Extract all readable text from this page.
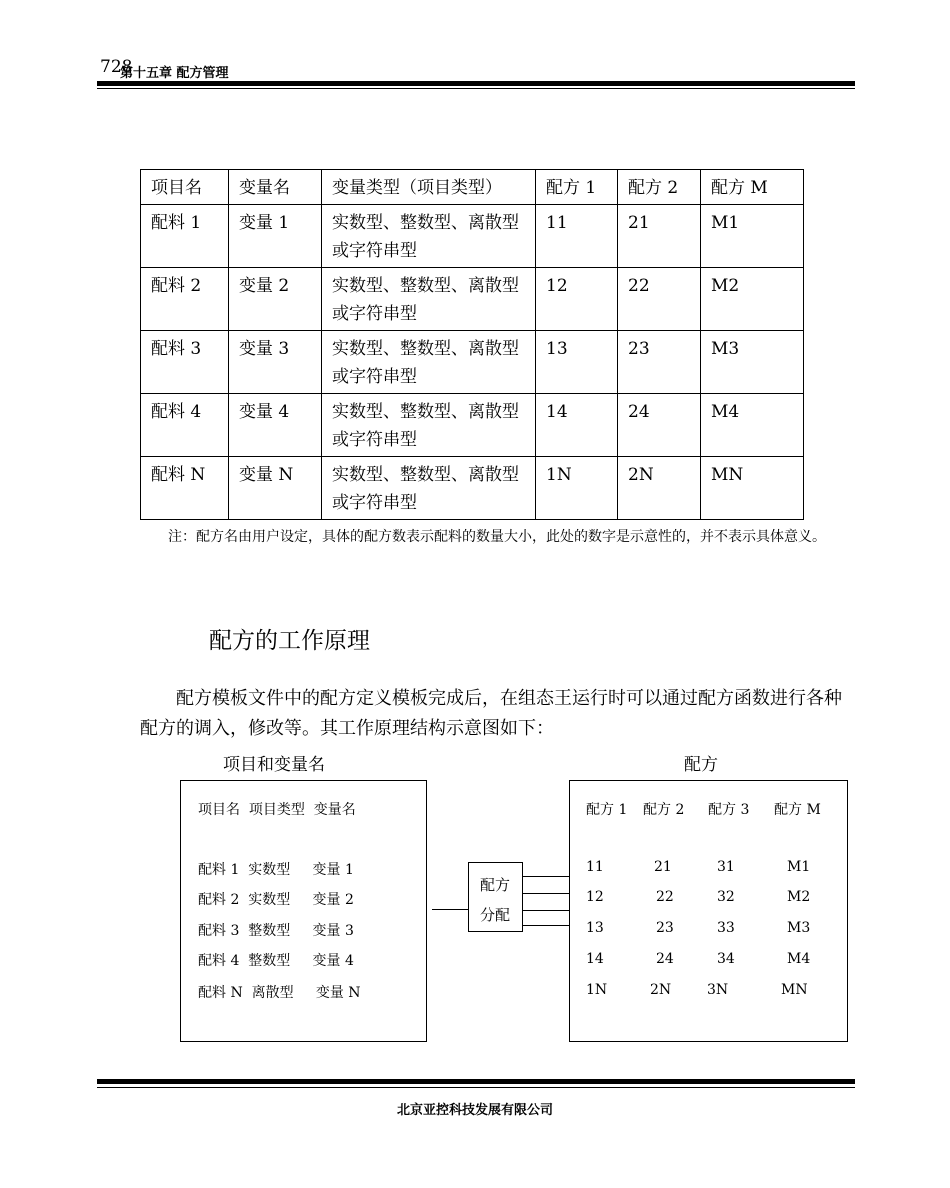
728
第十五章 配方管理
项目名	变量名	变量类型（项目类型）	配方 1	配方 2	配方 M
配料 1	变量 1	实数型、整数型、离散型或字符串型	11	21	M1
配料 2	变量 2	实数型、整数型、离散型或字符串型	12	22	M2
配料 3	变量 3	实数型、整数型、离散型或字符串型	13	23	M3
配料 4	变量 4	实数型、整数型、离散型或字符串型	14	24	M4
配料 N	变量 N	实数型、整数型、离散型或字符串型	1N	2N	MN
注：配方名由用户设定，具体的配方数表示配料的数量大小，此处的数字是示意性的，并不表示具体意义。
配方的工作原理
配方模板文件中的配方定义模板完成后，在组态王运行时可以通过配方函数进行各种配方的调入，修改等。其工作原理结构示意图如下：
项目和变量名	配方
项目名  项目类型  变量名
配料 1  实数型     变量 1
配料 2  实数型     变量 2
配料 3  整数型     变量 3
配料 4  整数型     变量 4
配料 N  离散型     变量 N
配方
分配
配方 1 配方 2 配方 3 配方 M
11	21	31	M1
12	22	32	M2
13	23	33	M3
14	24	34	M4
1N	2N	3N	MN
北京亚控科技发展有限公司
